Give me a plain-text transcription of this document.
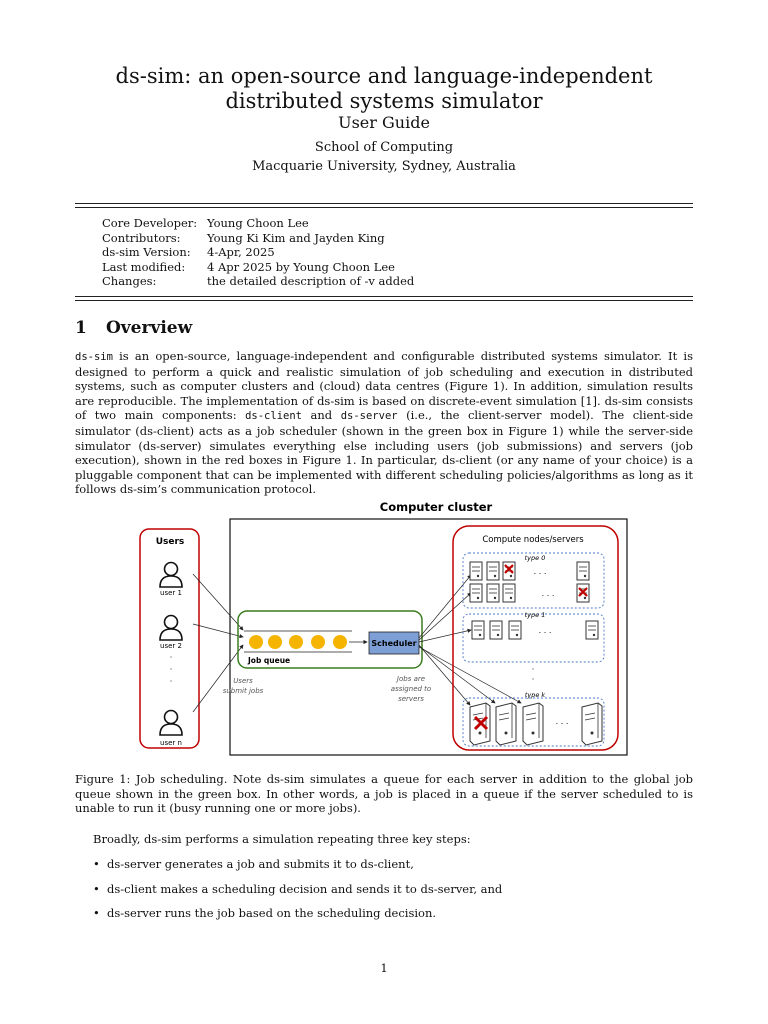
ds-sim: an open-source and language-independent
distributed systems simulator
User Guide
School of Computing
Macquarie University, Sydney, Australia
Core Developer: Young Choon Lee
Contributors:	Young Ki Kim and Jayden King
ds-sim Version:	4-Apr, 2025
Last modified:	4 Apr 2025 by Young Choon Lee
Changes:	the detailed description of -v added
1 Overview
ds-sim is an open-source, language-independent and configurable distributed systems simulator. It is designed to perform a quick and realistic simulation of job scheduling and execution in distributed systems, such as computer clusters and (cloud) data centres (Figure 1). In addition, simulation results are reproducible. The implementation of ds-sim is based on discrete-event simulation [1]. ds-sim consists of two main components: ds-client and ds-server (i.e., the client-server model). The client-side simulator (ds-client) acts as a job scheduler (shown in the green box in Figure 1) while the server-side simulator (ds-server) simulates everything else including users (job submissions) and servers (job execution), shown in the red boxes in Figure 1. In particular, ds-client (or any name of your choice) is a pluggable component that can be implemented with different scheduling policies/algorithms as long as it follows ds-sim’s communication protocol.
Computer cluster
Users
user 1
user 2
·
·
·
user n
Job queue
Scheduler
Users
submit jobs
Jobs are
assigned to
servers
Compute nodes/servers
type 0
. . .
. . .
type 1
. . .
·
·
type k
. . .
Figure 1: Job scheduling. Note ds-sim simulates a queue for each server in addition to the global job queue shown in the green box. In other words, a job is placed in a queue if the server scheduled to is unable to run it (busy running one or more jobs).
Broadly, ds-sim performs a simulation repeating three key steps:
• ds-server generates a job and submits it to ds-client,
• ds-client makes a scheduling decision and sends it to ds-server, and
• ds-server runs the job based on the scheduling decision.
1
